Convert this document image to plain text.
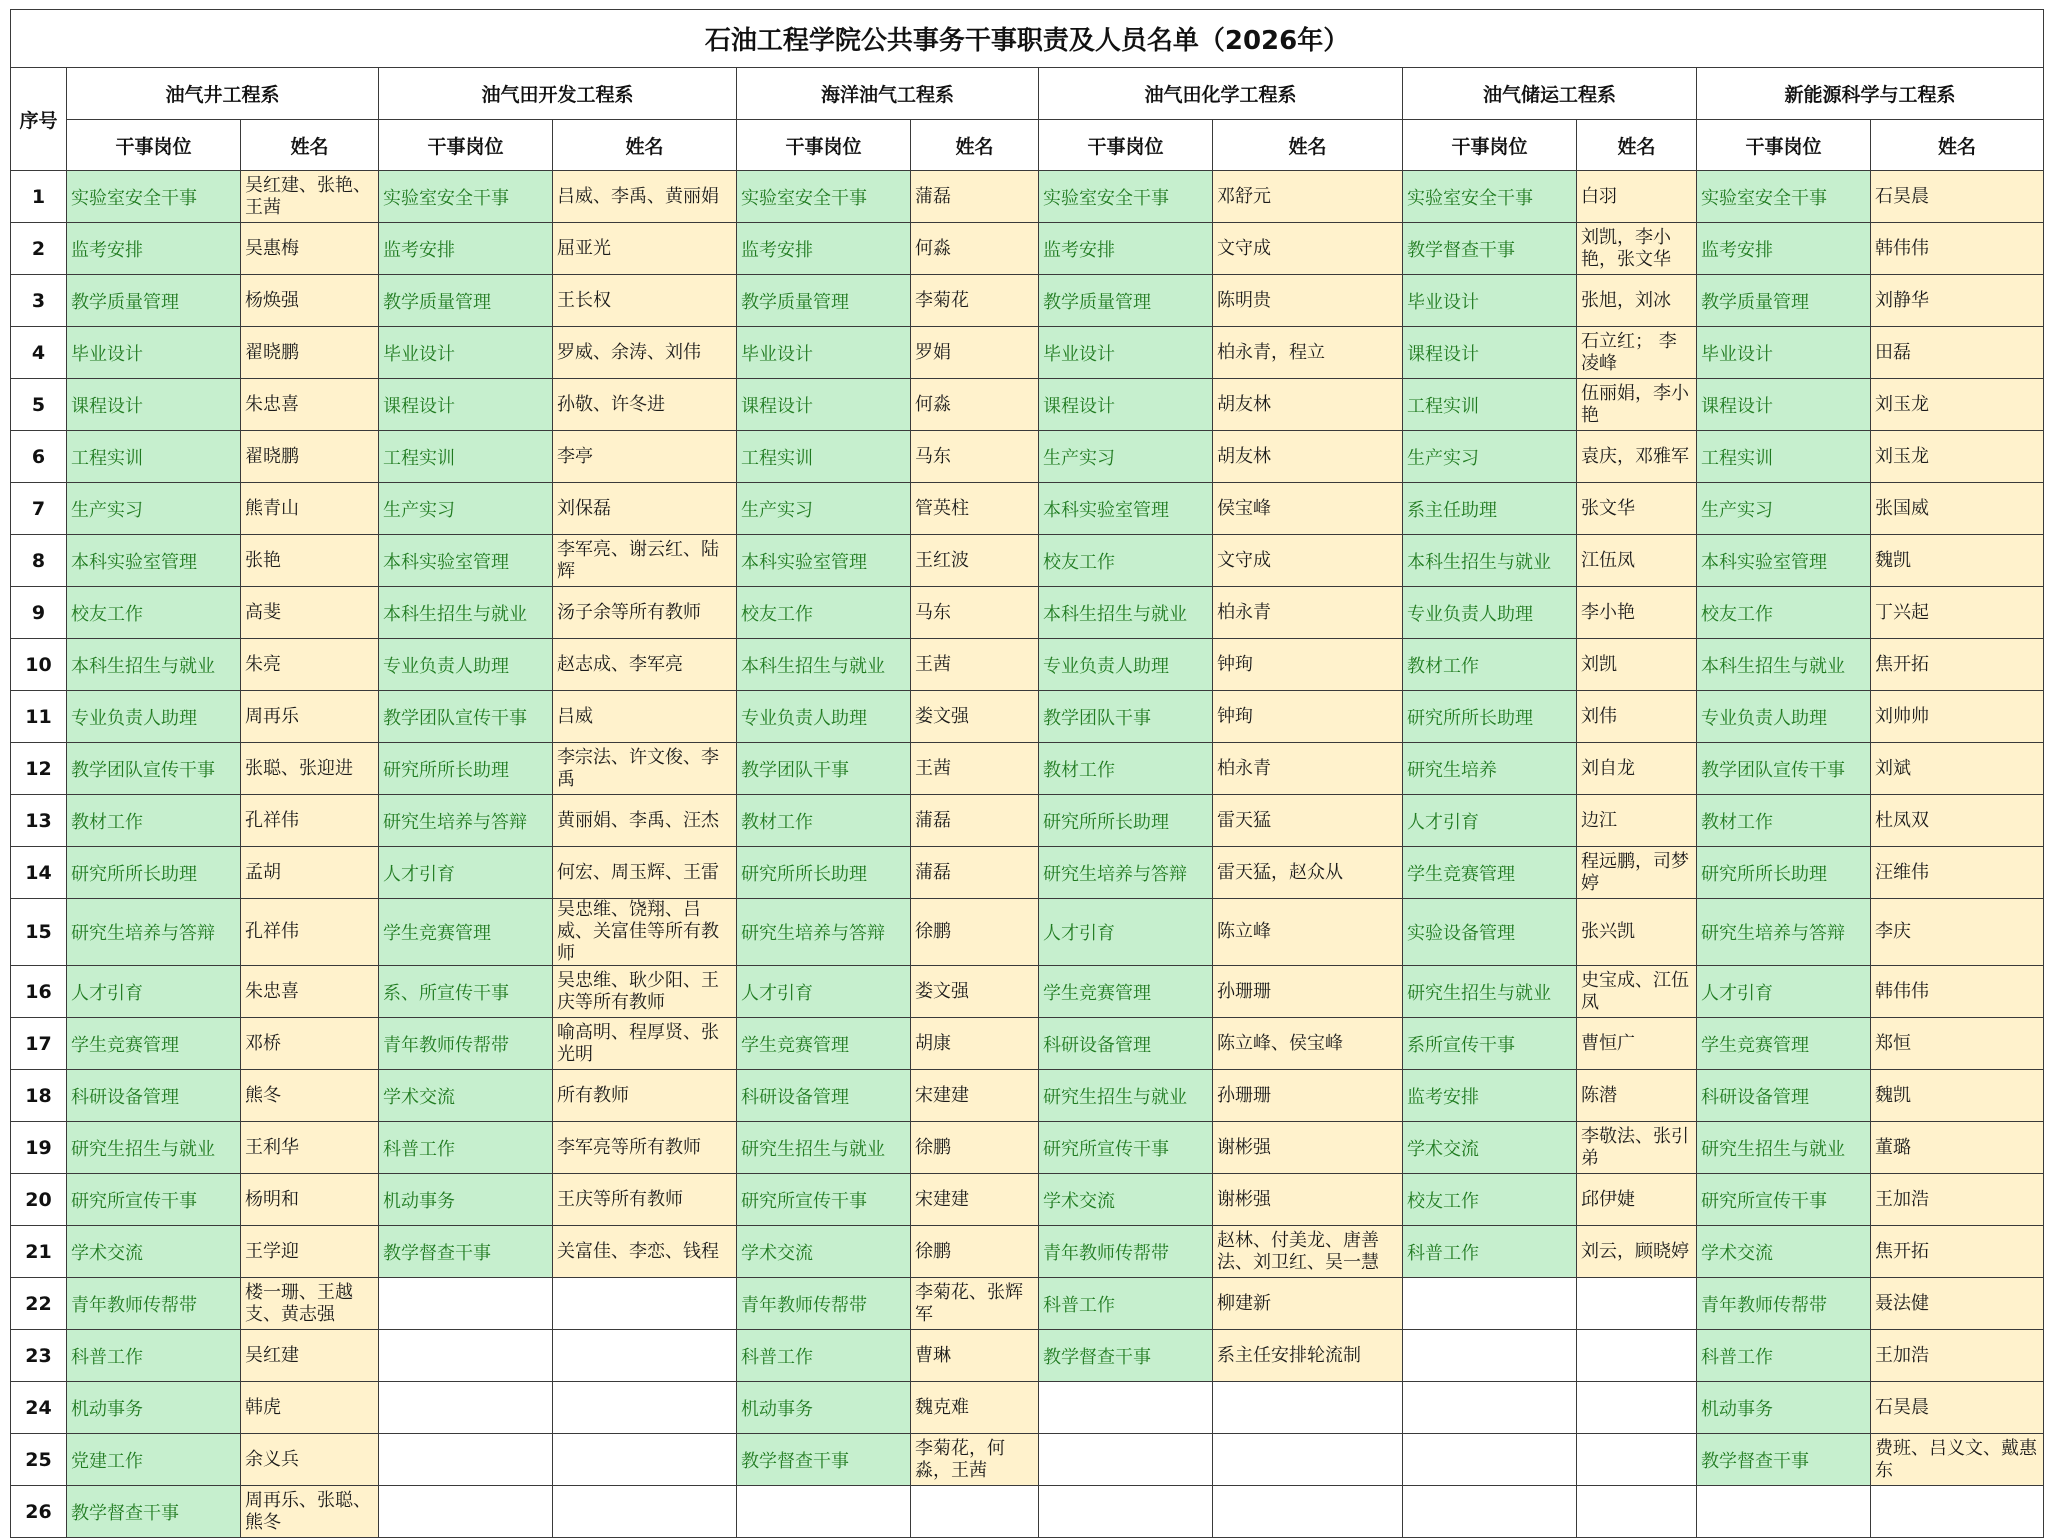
石油工程学院公共事务干事职责及人员名单（2026年）												
序号	油气井工程系		油气田开发工程系		海洋油气工程系		油气田化学工程系		油气储运工程系		新能源科学与工程系	
	干事岗位	姓名	干事岗位	姓名	干事岗位	姓名	干事岗位	姓名	干事岗位	姓名	干事岗位	姓名
1	实验室安全干事	吴红建、张艳、王茜	实验室安全干事	吕威、李禹、黄丽娟	实验室安全干事	蒲磊	实验室安全干事	邓舒元	实验室安全干事	白羽	实验室安全干事	石昊晨
2	监考安排	吴惠梅	监考安排	屈亚光	监考安排	何淼	监考安排	文守成	教学督查干事	刘凯，李小艳，张文华	监考安排	韩伟伟
3	教学质量管理	杨焕强	教学质量管理	王长权	教学质量管理	李菊花	教学质量管理	陈明贵	毕业设计	张旭，刘冰	教学质量管理	刘静华
4	毕业设计	翟晓鹏	毕业设计	罗威、余涛、刘伟	毕业设计	罗娟	毕业设计	柏永青，程立	课程设计	石立红； 李凌峰	毕业设计	田磊
5	课程设计	朱忠喜	课程设计	孙敬、许冬进	课程设计	何淼	课程设计	胡友林	工程实训	伍丽娟，李小艳	课程设计	刘玉龙
6	工程实训	翟晓鹏	工程实训	李亭	工程实训	马东	生产实习	胡友林	生产实习	袁庆，邓雅军	工程实训	刘玉龙
7	生产实习	熊青山	生产实习	刘保磊	生产实习	管英柱	本科实验室管理	侯宝峰	系主任助理	张文华	生产实习	张国威
8	本科实验室管理	张艳	本科实验室管理	李军亮、谢云红、陆辉	本科实验室管理	王红波	校友工作	文守成	本科生招生与就业	江伍凤	本科实验室管理	魏凯
9	校友工作	高斐	本科生招生与就业	汤子余等所有教师	校友工作	马东	本科生招生与就业	柏永青	专业负责人助理	李小艳	校友工作	丁兴起
10	本科生招生与就业	朱亮	专业负责人助理	赵志成、李军亮	本科生招生与就业	王茜	专业负责人助理	钟珣	教材工作	刘凯	本科生招生与就业	焦开拓
11	专业负责人助理	周再乐	教学团队宣传干事	吕威	专业负责人助理	娄文强	教学团队干事	钟珣	研究所所长助理	刘伟	专业负责人助理	刘帅帅
12	教学团队宣传干事	张聪、张迎进	研究所所长助理	李宗法、许文俊、李禹	教学团队干事	王茜	教材工作	柏永青	研究生培养	刘自龙	教学团队宣传干事	刘斌
13	教材工作	孔祥伟	研究生培养与答辩	黄丽娟、李禹、汪杰	教材工作	蒲磊	研究所所长助理	雷天猛	人才引育	边江	教材工作	杜凤双
14	研究所所长助理	孟胡	人才引育	何宏、周玉辉、王雷	研究所所长助理	蒲磊	研究生培养与答辩	雷天猛，赵众从	学生竞赛管理	程远鹏，司梦婷	研究所所长助理	汪维伟
15	研究生培养与答辩	孔祥伟	学生竞赛管理	吴忠维、饶翔、吕威、关富佳等所有教师	研究生培养与答辩	徐鹏	人才引育	陈立峰	实验设备管理	张兴凯	研究生培养与答辩	李庆
16	人才引育	朱忠喜	系、所宣传干事	吴忠维、耿少阳、王庆等所有教师	人才引育	娄文强	学生竞赛管理	孙珊珊	研究生招生与就业	史宝成、江伍凤	人才引育	韩伟伟
17	学生竞赛管理	邓桥	青年教师传帮带	喻高明、程厚贤、张光明	学生竞赛管理	胡康	科研设备管理	陈立峰、侯宝峰	系所宣传干事	曹恒广	学生竞赛管理	郑恒
18	科研设备管理	熊冬	学术交流	所有教师	科研设备管理	宋建建	研究生招生与就业	孙珊珊	监考安排	陈潜	科研设备管理	魏凯
19	研究生招生与就业	王利华	科普工作	李军亮等所有教师	研究生招生与就业	徐鹏	研究所宣传干事	谢彬强	学术交流	李敬法、张引弟	研究生招生与就业	董璐
20	研究所宣传干事	杨明和	机动事务	王庆等所有教师	研究所宣传干事	宋建建	学术交流	谢彬强	校友工作	邱伊婕	研究所宣传干事	王加浩
21	学术交流	王学迎	教学督查干事	关富佳、李恋、钱程	学术交流	徐鹏	青年教师传帮带	赵林、付美龙、唐善法、刘卫红、吴一慧	科普工作	刘云，顾晓婷	学术交流	焦开拓
22	青年教师传帮带	楼一珊、王越支、黄志强			青年教师传帮带	李菊花、张辉军	科普工作	柳建新			青年教师传帮带	聂法健
23	科普工作	吴红建			科普工作	曹琳	教学督查干事	系主任安排轮流制			科普工作	王加浩
24	机动事务	韩虎			机动事务	魏克难					机动事务	石昊晨
25	党建工作	余义兵			教学督查干事	李菊花，何淼，王茜					教学督查干事	费班、吕义文、戴惠东
26	教学督查干事	周再乐、张聪、熊冬										
